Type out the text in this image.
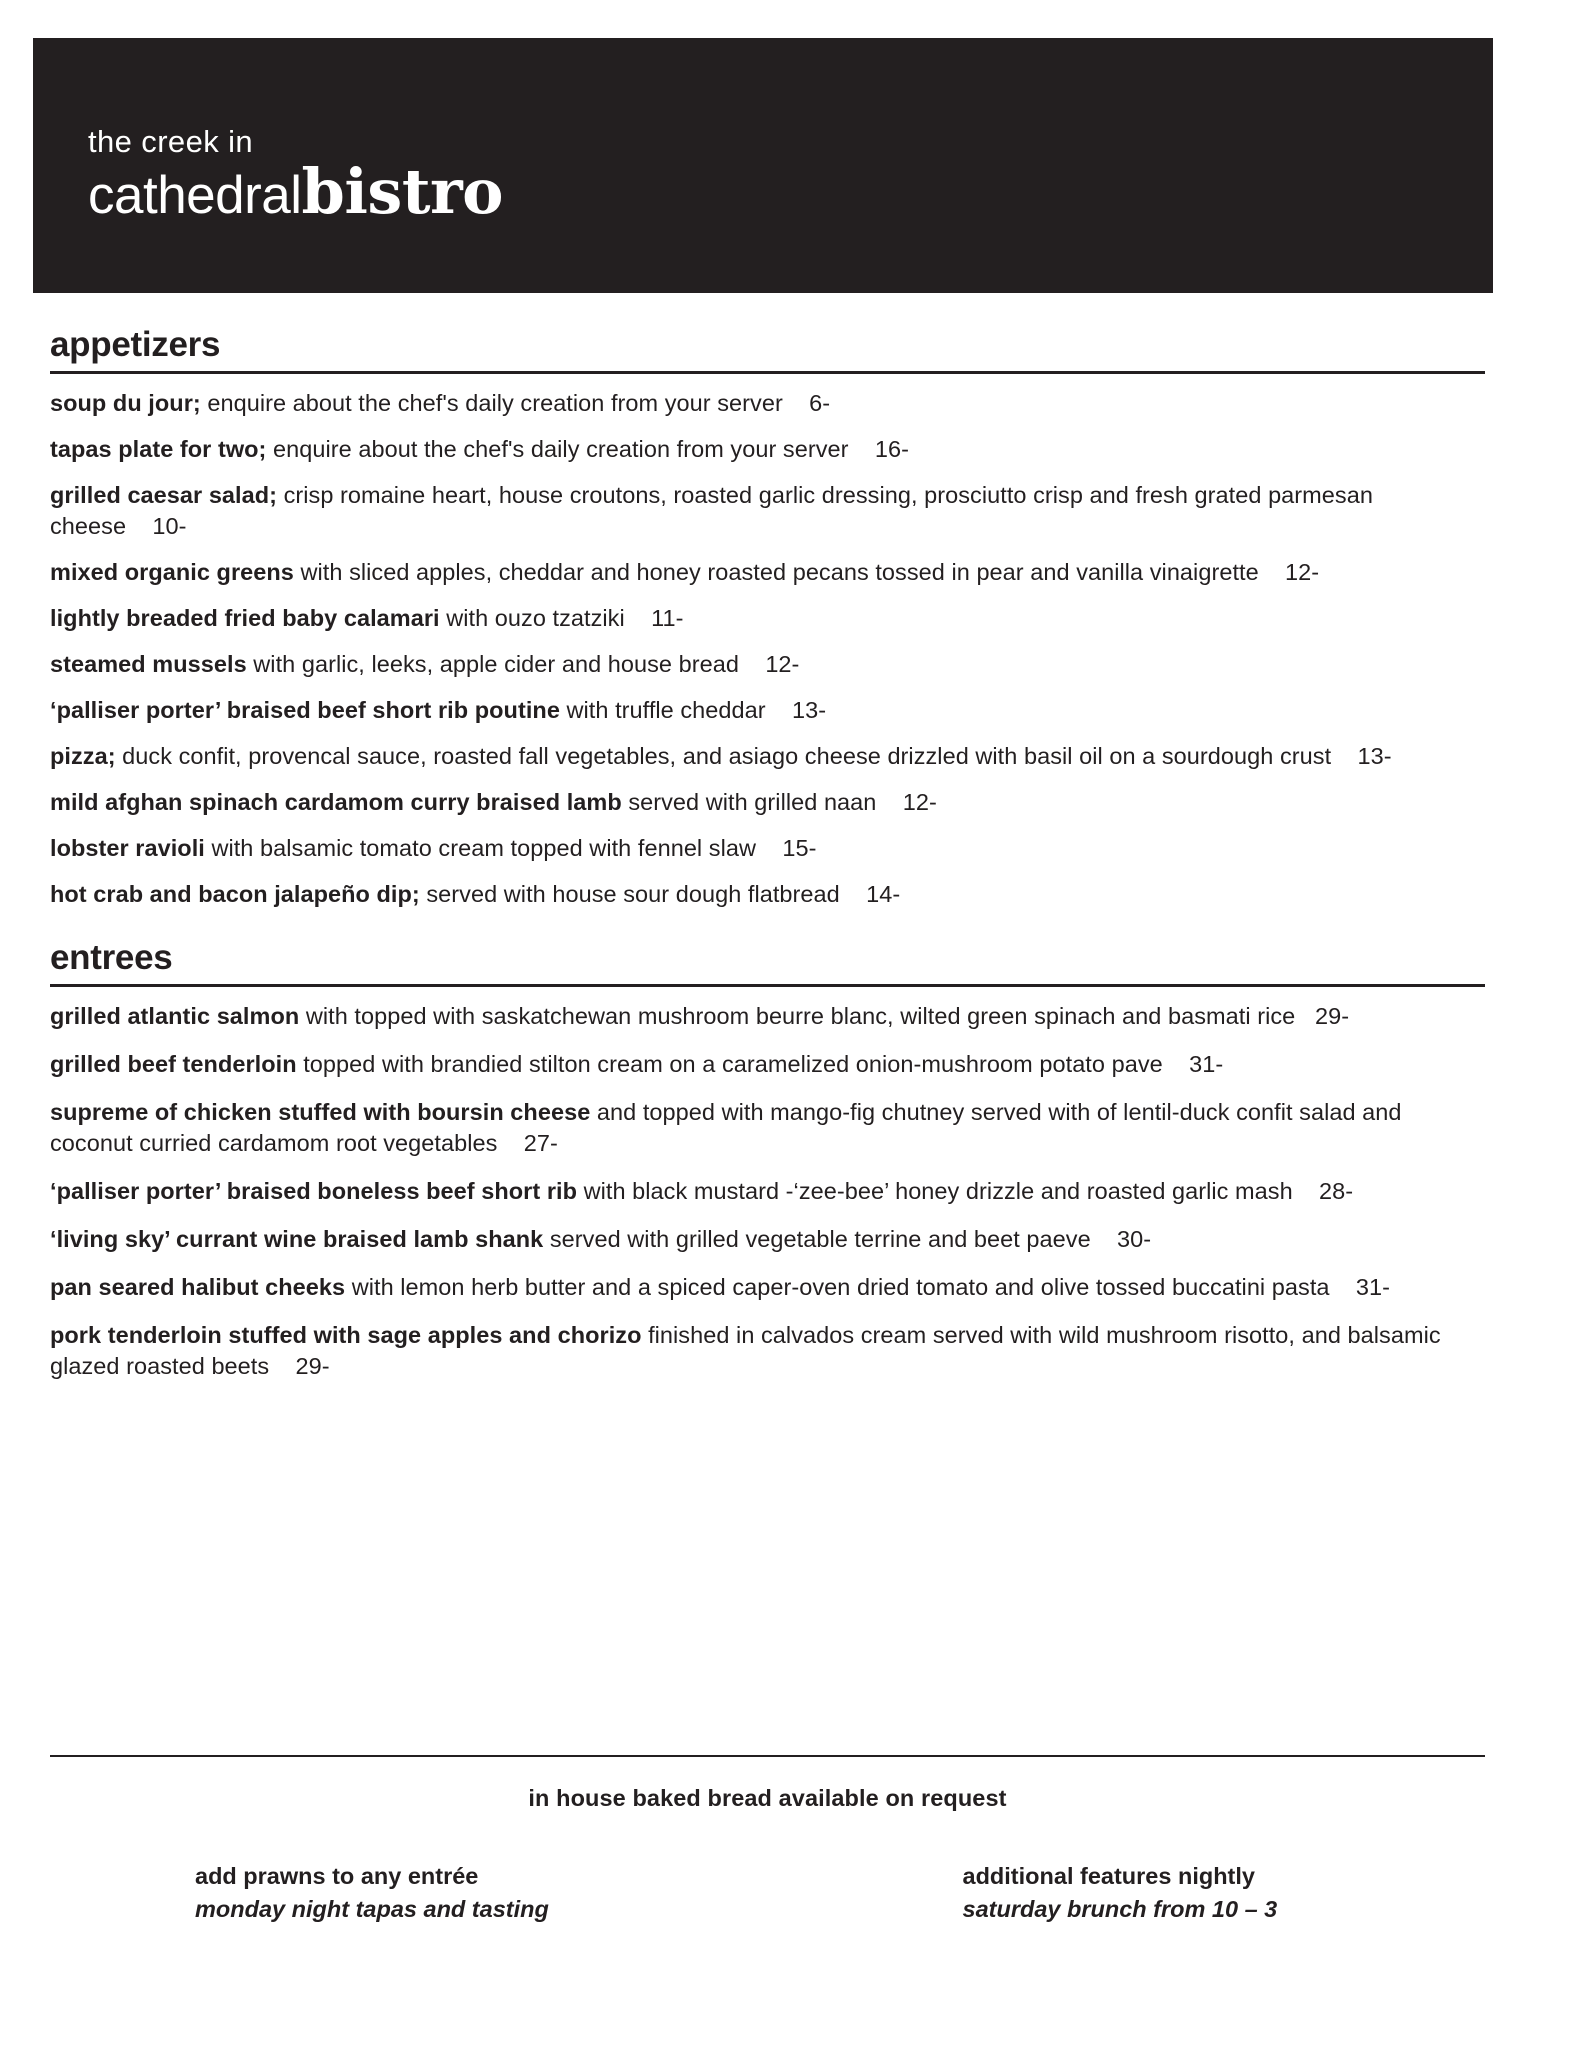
the creek in
cathedralbistro
appetizers
soup du jour; enquire about the chef's daily creation from your server 6-
tapas plate for two; enquire about the chef's daily creation from your server 16-
grilled caesar salad; crisp romaine heart, house croutons, roasted garlic dressing, prosciutto crisp and fresh grated parmesan cheese 10-
mixed organic greens with sliced apples, cheddar and honey roasted pecans tossed in pear and vanilla vinaigrette 12-
lightly breaded fried baby calamari with ouzo tzatziki 11-
steamed mussels with garlic, leeks, apple cider and house bread 12-
‘palliser porter’ braised beef short rib poutine with truffle cheddar 13-
pizza; duck confit, provencal sauce, roasted fall vegetables, and asiago cheese drizzled with basil oil on a sourdough crust 13-
mild afghan spinach cardamom curry braised lamb served with grilled naan 12-
lobster ravioli with balsamic tomato cream topped with fennel slaw 15-
hot crab and bacon jalapeño dip; served with house sour dough flatbread 14-
entrees
grilled atlantic salmon with topped with saskatchewan mushroom beurre blanc, wilted green spinach and basmati rice 29-
grilled beef tenderloin topped with brandied stilton cream on a caramelized onion-mushroom potato pave 31-
supreme of chicken stuffed with boursin cheese and topped with mango-fig chutney served with of lentil-duck confit salad and coconut curried cardamom root vegetables 27-
‘palliser porter’ braised boneless beef short rib with black mustard -‘zee-bee’ honey drizzle and roasted garlic mash 28-
‘living sky’ currant wine braised lamb shank served with grilled vegetable terrine and beet paeve 30-
pan seared halibut cheeks with lemon herb butter and a spiced caper-oven dried tomato and olive tossed buccatini pasta 31-
pork tenderloin stuffed with sage apples and chorizo finished in calvados cream served with wild mushroom risotto, and balsamic glazed roasted beets 29-
in house baked bread available on request
add prawns to any entrée
monday night tapas and tasting
additional features nightly
saturday brunch from 10 – 3
